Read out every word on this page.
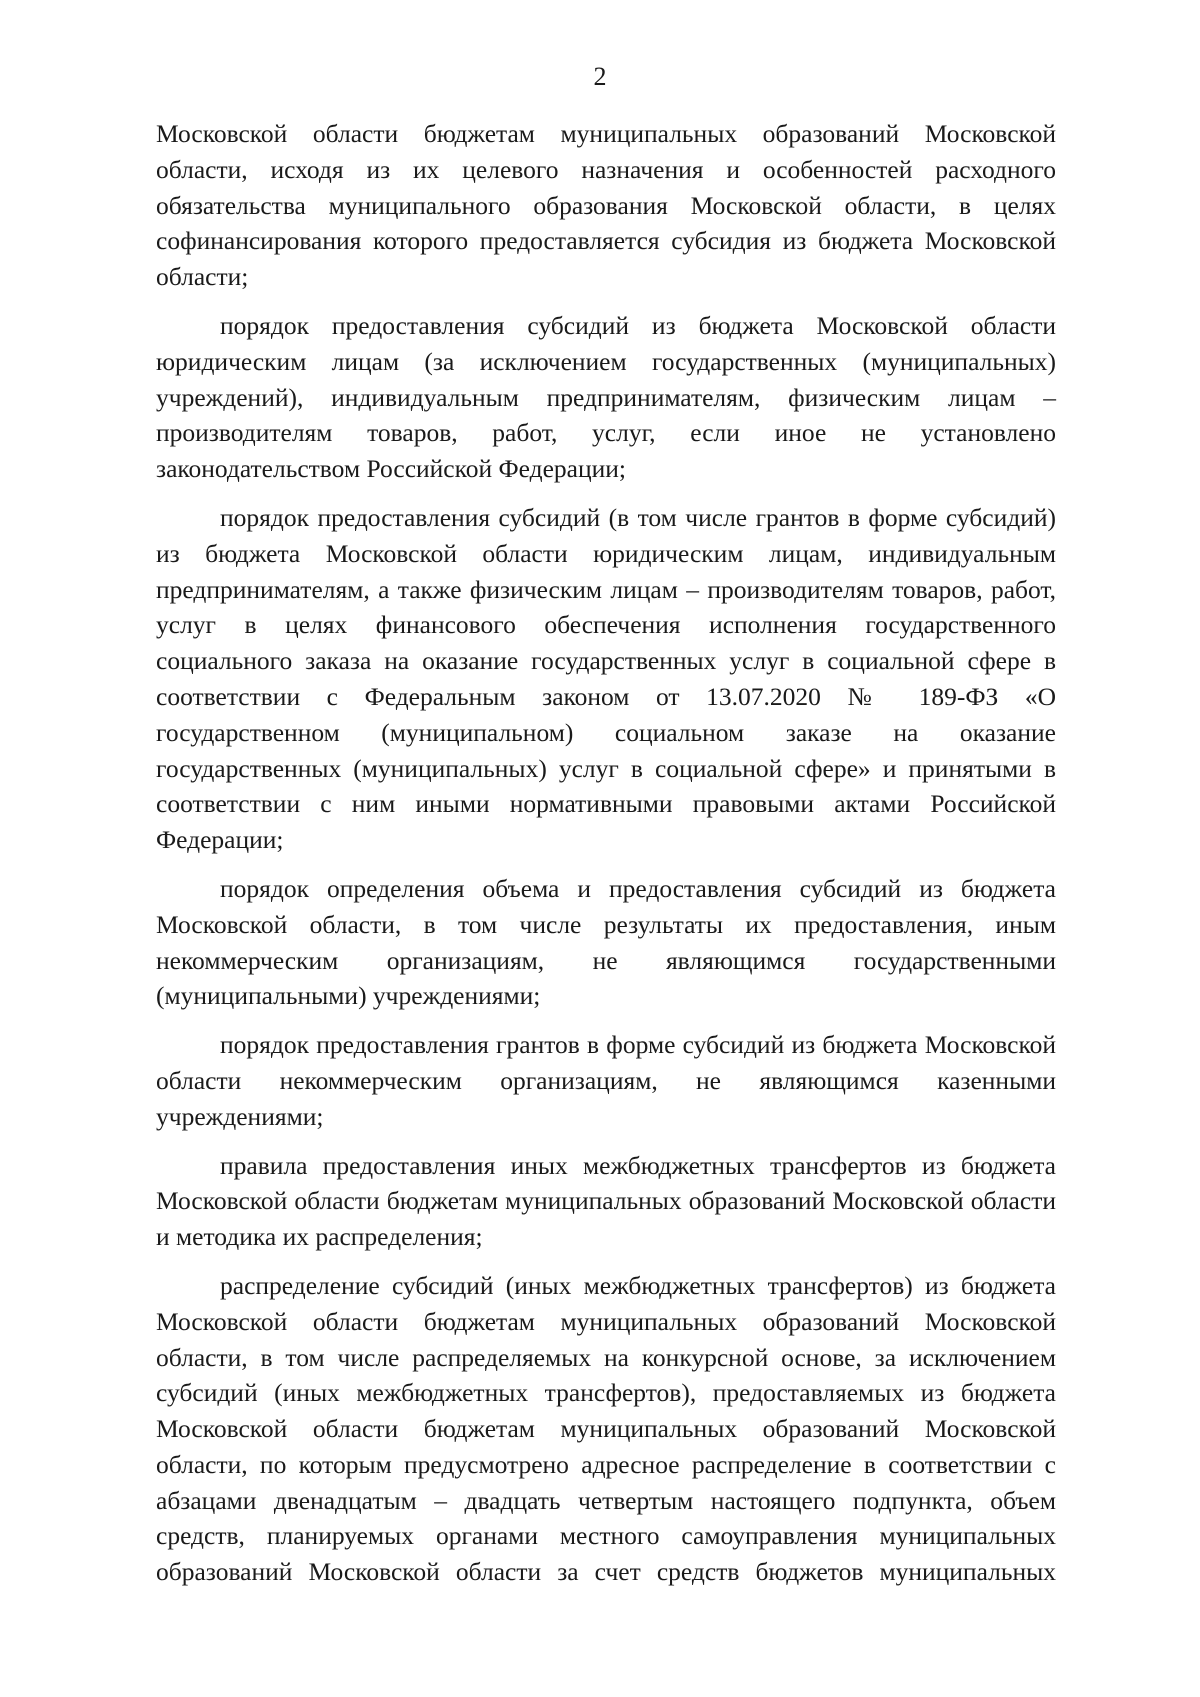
2

Московской области бюджетам муниципальных образований Московской области, исходя из их целевого назначения и особенностей расходного обязательства муниципального образования Московской области, в целях софинансирования которого предоставляется субсидия из бюджета Московской области;

порядок предоставления субсидий из бюджета Московской области юридическим лицам (за исключением государственных (муниципальных) учреждений), индивидуальным предпринимателям, физическим лицам – производителям товаров, работ, услуг, если иное не установлено законодательством Российской Федерации;

порядок предоставления субсидий (в том числе грантов в форме субсидий) из бюджета Московской области юридическим лицам, индивидуальным предпринимателям, а также физическим лицам – производителям товаров, работ, услуг в целях финансового обеспечения исполнения государственного социального заказа на оказание государственных услуг в социальной сфере в соответствии с Федеральным законом от 13.07.2020 № 189-ФЗ «О государственном (муниципальном) социальном заказе на оказание государственных (муниципальных) услуг в социальной сфере» и принятыми в соответствии с ним иными нормативными правовыми актами Российской Федерации;

порядок определения объема и предоставления субсидий из бюджета Московской области, в том числе результаты их предоставления, иным некоммерческим организациям, не являющимся государственными (муниципальными) учреждениями;

порядок предоставления грантов в форме субсидий из бюджета Московской области некоммерческим организациям, не являющимся казенными учреждениями;

правила предоставления иных межбюджетных трансфертов из бюджета Московской области бюджетам муниципальных образований Московской области и методика их распределения;

распределение субсидий (иных межбюджетных трансфертов) из бюджета Московской области бюджетам муниципальных образований Московской области, в том числе распределяемых на конкурсной основе, за исключением субсидий (иных межбюджетных трансфертов), предоставляемых из бюджета Московской области бюджетам муниципальных образований Московской области, по которым предусмотрено адресное распределение в соответствии с абзацами двенадцатым – двадцать четвертым настоящего подпункта, объем средств, планируемых органами местного самоуправления муниципальных образований Московской области за счет средств бюджетов муниципальных
